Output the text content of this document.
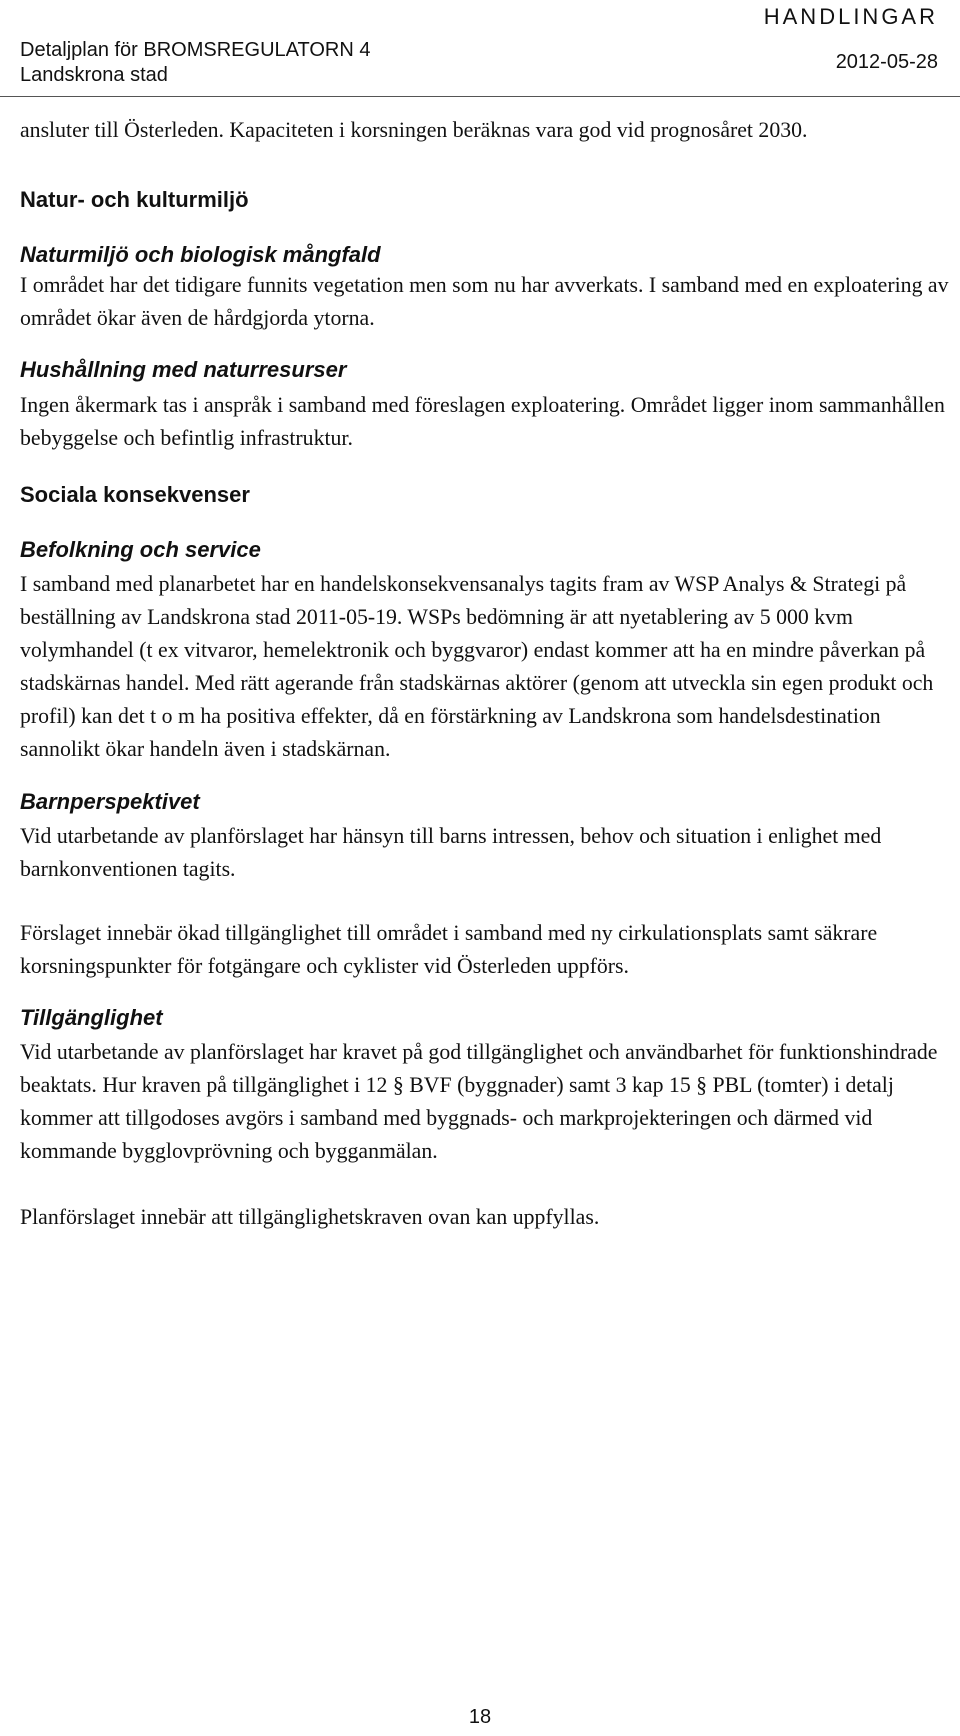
Detaljplan för BROMSREGULATORN 4
Landskrona stad
HANDLINGAR
2012-05-28

ansluter till Österleden. Kapaciteten i korsningen beräknas vara god vid prognosåret 2030.

Natur- och kulturmiljö
Naturmiljö och biologisk mångfald

I området har det tidigare funnits vegetation men som nu har avverkats. I samband med en exploatering av området ökar även de hårdgjorda ytorna.

Hushållning med naturresurser

Ingen åkermark tas i anspråk i samband med föreslagen exploatering. Området ligger inom sammanhållen bebyggelse och befintlig infrastruktur.

Sociala konsekvenser
Befolkning och service

I samband med planarbetet har en handelskonsekvensanalys tagits fram av WSP Analys & Strategi på beställning av Landskrona stad 2011-05-19. WSPs bedömning är att nyetablering av 5 000 kvm volymhandel (t ex vitvaror, hemelektronik och byggvaror) endast kommer att ha en mindre påverkan på stadskärnas handel. Med rätt agerande från stadskärnas aktörer (genom att utveckla sin egen produkt och profil) kan det t o m ha positiva effekter, då en förstärkning av Landskrona som handelsdestination sannolikt ökar handeln även i stadskärnan.

Barnperspektivet

Vid utarbetande av planförslaget har hänsyn till barns intressen, behov och situation i enlighet med barnkonventionen tagits.

Förslaget innebär ökad tillgänglighet till området i samband med ny cirkulationsplats samt säkrare korsningspunkter för fotgängare och cyklister vid Österleden uppförs.

Tillgänglighet

Vid utarbetande av planförslaget har kravet på god tillgänglighet och användbarhet för funktionshindrade beaktats. Hur kraven på tillgänglighet i 12 § BVF (byggnader) samt 3 kap 15 § PBL (tomter) i detalj kommer att tillgodoses avgörs i samband med byggnads- och markprojekteringen och därmed vid kommande bygglovprövning och bygganmälan.

Planförslaget innebär att tillgänglighetskraven ovan kan uppfyllas.

18
